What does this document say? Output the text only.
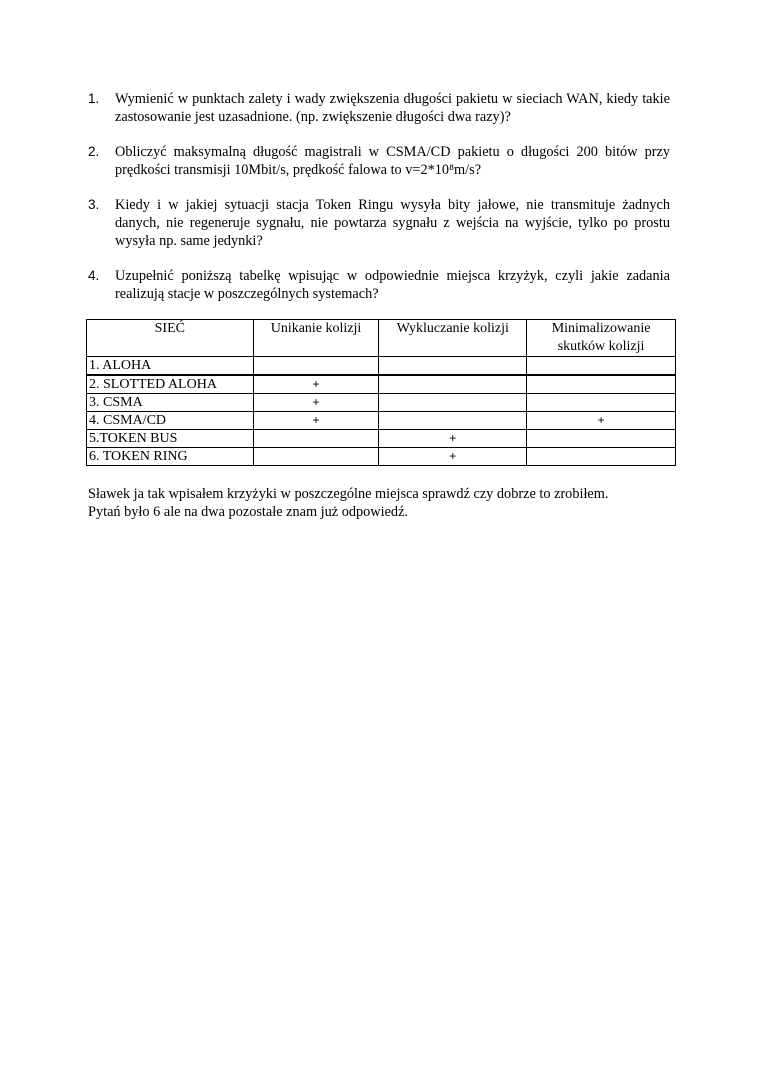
1. Wymienić w punktach zalety i wady zwiększenia długości pakietu w sieciach WAN, kiedy takie zastosowanie jest uzasadnione. (np. zwiększenie długości dwa razy)?
2. Obliczyć maksymalną długość magistrali w CSMA/CD pakietu o długości 200 bitów przy prędkości transmisji 10Mbit/s, prędkość falowa to v=2*10⁸m/s?
3. Kiedy i w jakiej sytuacji stacja Token Ringu wysyła bity jałowe, nie transmituje żadnych danych, nie regeneruje sygnału, nie powtarza sygnału z wejścia na wyjście, tylko po prostu wysyła np. same jedynki?
4. Uzupełnić poniższą tabelkę wpisując w odpowiednie miejsca krzyżyk, czyli jakie zadania realizują stacje w poszczególnych systemach?
SIEĆ	Unikanie kolizji	Wykluczanie kolizji	Minimalizowanie skutków kolizji
1. ALOHA			
2. SLOTTED ALOHA	+		
3. CSMA	+		
4. CSMA/CD	+		+
5.TOKEN BUS		+	
6. TOKEN RING		+	
Sławek ja tak wpisałem krzyżyki w poszczególne miejsca sprawdź czy dobrze to zrobiłem.
Pytań było 6 ale na dwa pozostałe znam już odpowiedź.
